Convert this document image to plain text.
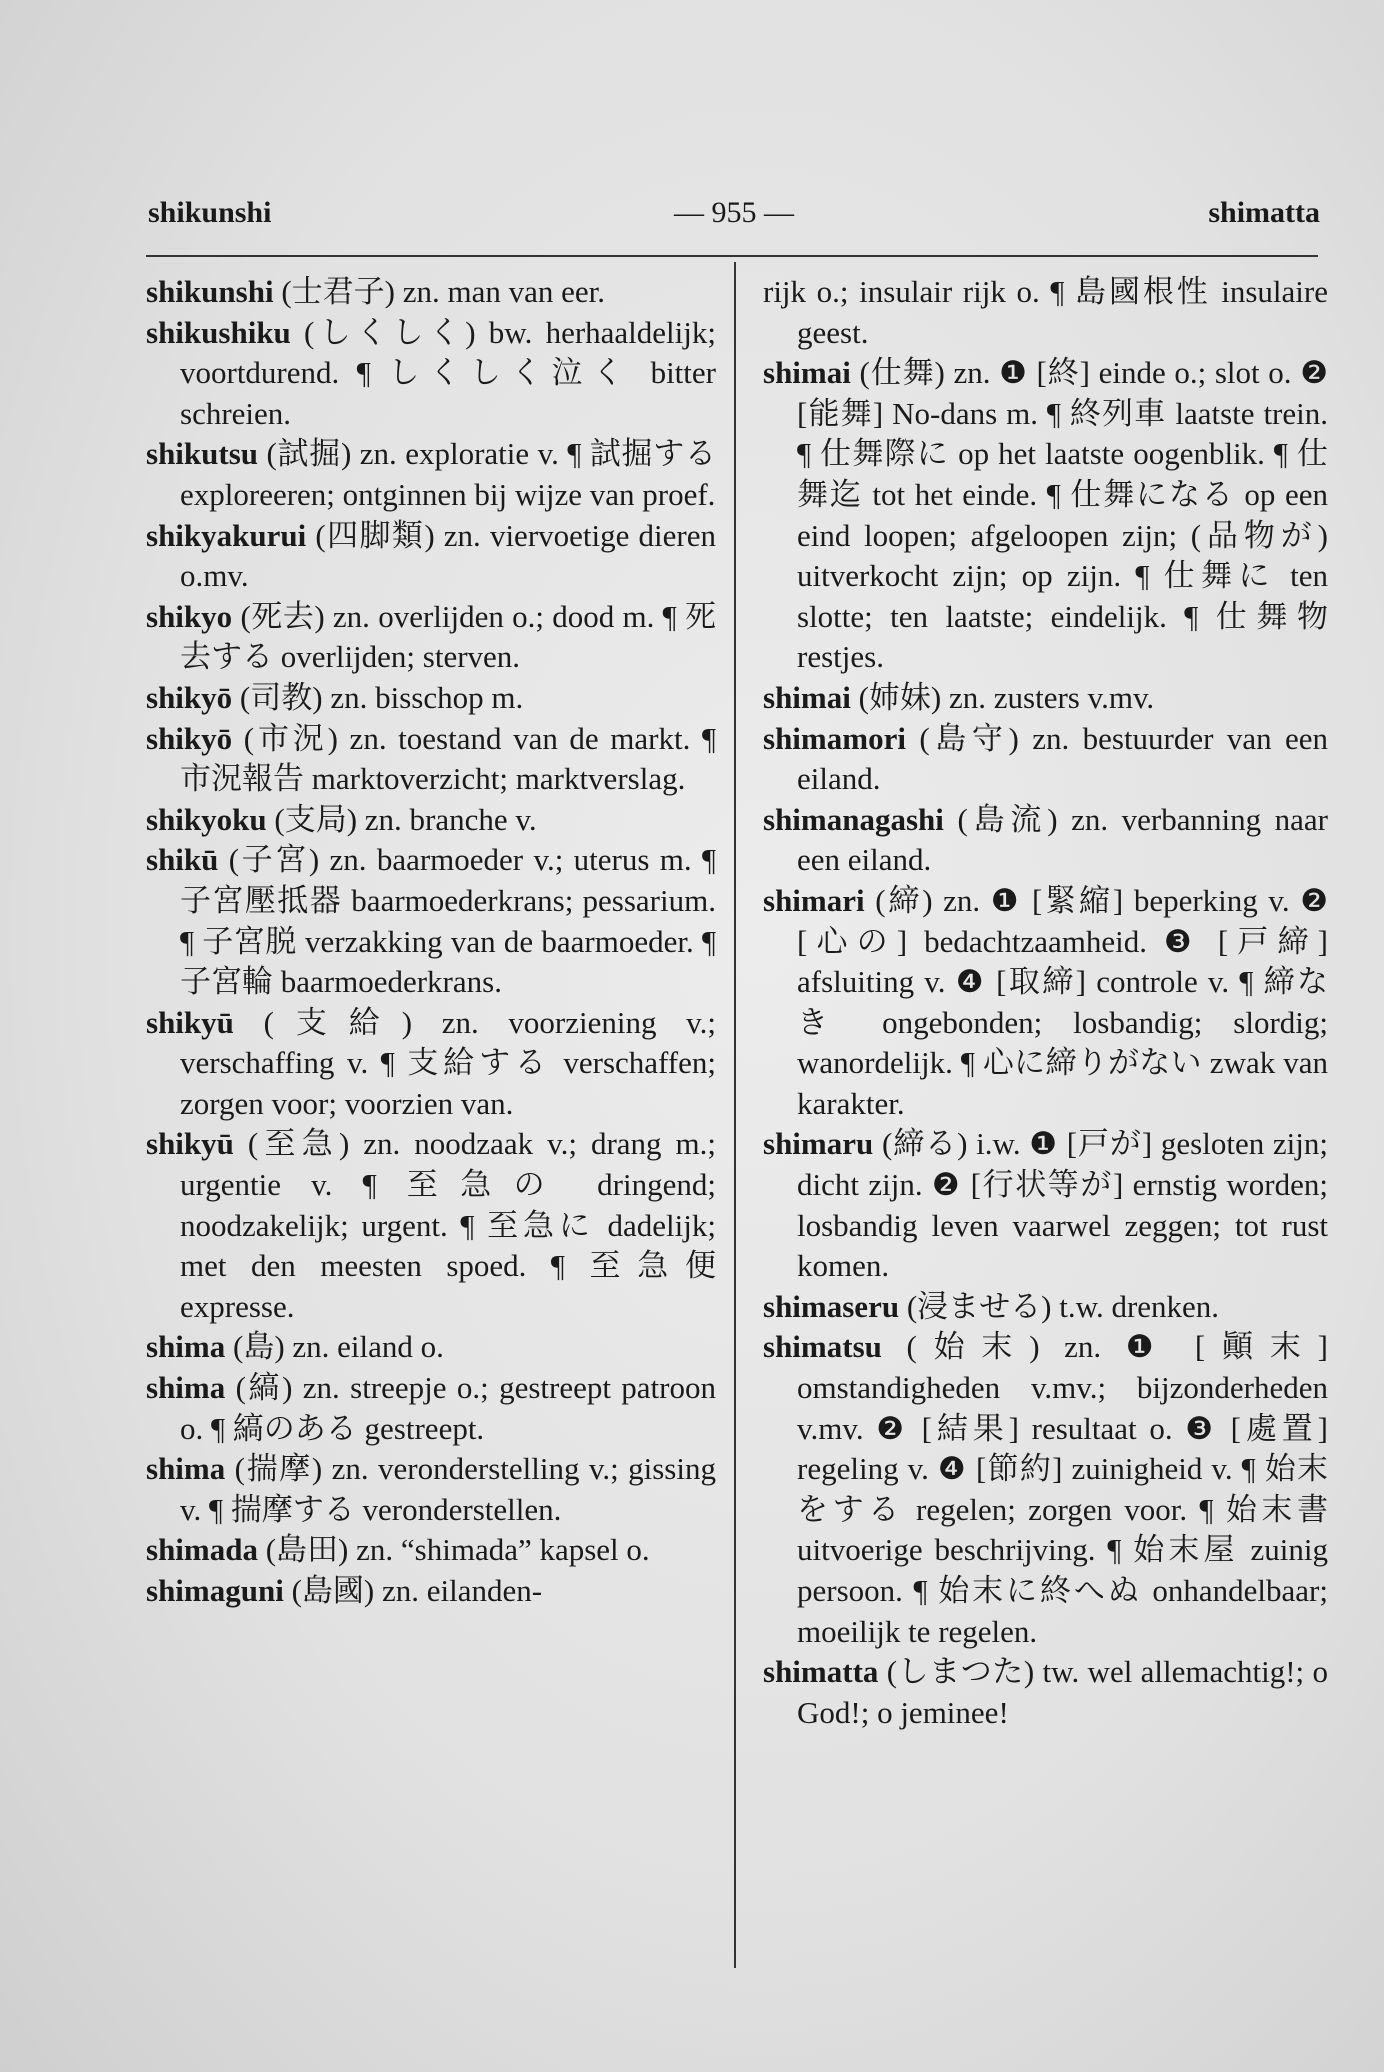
shikunshi	— 955 —	shimatta

shikunshi (士君子) zn. man van eer.

shikushiku (しくしく) bw. herhaaldelijk; voortdurend. ¶ しくしく泣く bitter schreien.

shikutsu (試掘) zn. exploratie v. ¶ 試掘する exploreeren; ontginnen bij wijze van proef.

shikyakurui (四脚類) zn. viervoetige dieren o.mv.

shikyo (死去) zn. overlijden o.; dood m. ¶ 死去する overlijden; sterven.

shikyō (司教) zn. bisschop m.

shikyō (市況) zn. toestand van de markt. ¶ 市況報告 marktoverzicht; marktverslag.

shikyoku (支局) zn. branche v.

shikū (子宮) zn. baarmoeder v.; uterus m. ¶ 子宮壓抵器 baarmoederkrans; pessarium. ¶ 子宮脱 verzakking van de baarmoeder. ¶ 子宮輪 baarmoederkrans.

shikyū (支給) zn. voorziening v.; verschaffing v. ¶ 支給する verschaffen; zorgen voor; voorzien van.

shikyū (至急) zn. noodzaak v.; drang m.; urgentie v. ¶ 至急の dringend; noodzakelijk; urgent. ¶ 至急に dadelijk; met den meesten spoed. ¶ 至急便 expresse.

shima (島) zn. eiland o.

shima (縞) zn. streepje o.; gestreept patroon o. ¶ 縞のある gestreept.

shima (揣摩) zn. veronderstelling v.; gissing v. ¶ 揣摩する veronderstellen.

shimada (島田) zn. “shimada” kapsel o.

shimaguni (島國) zn. eilanden-

rijk o.; insulair rijk o. ¶ 島國根性 insulaire geest.

shimai (仕舞) zn. ❶ [終] einde o.; slot o. ❷ [能舞] No-dans m. ¶ 終列車 laatste trein. ¶ 仕舞際に op het laatste oogenblik. ¶ 仕舞迄 tot het einde. ¶ 仕舞になる op een eind loopen; afgeloopen zijn; (品物が) uitverkocht zijn; op zijn. ¶ 仕舞に ten slotte; ten laatste; eindelijk. ¶ 仕舞物 restjes.

shimai (姉妹) zn. zusters v.mv.

shimamori (島守) zn. bestuurder van een eiland.

shimanagashi (島流) zn. verbanning naar een eiland.

shimari (締) zn. ❶ [緊縮] beperking v. ❷ [心の] bedachtzaamheid. ❸ [戸締] afsluiting v. ❹ [取締] controle v. ¶ 締なき ongebonden; losbandig; slordig; wanordelijk. ¶ 心に締りがない zwak van karakter.

shimaru (締る) i.w. ❶ [戸が] gesloten zijn; dicht zijn. ❷ [行状等が] ernstig worden; losbandig leven vaarwel zeggen; tot rust komen.

shimaseru (浸ませる) t.w. drenken.

shimatsu (始末) zn. ❶ [顚末] omstandigheden v.mv.; bijzonderheden v.mv. ❷ [結果] resultaat o. ❸ [處置] regeling v. ❹ [節約] zuinigheid v. ¶ 始末をする regelen; zorgen voor. ¶ 始末書 uitvoerige beschrijving. ¶ 始末屋 zuinig persoon. ¶ 始末に終へぬ onhandelbaar; moeilijk te regelen.

shimatta (しまつた) tw. wel allemachtig!; o God!; o jeminee!
